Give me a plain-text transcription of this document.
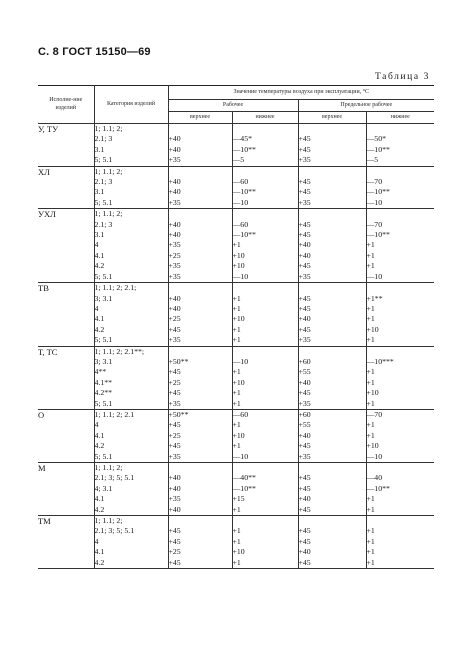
С. 8 ГОСТ 15150—69
Таблица 3
Исполне-ние изделий	Категория изделий	Значение температуры воздуха при эксплуатации, °С			
		Рабочее		Предельное рабочее	
		верхнее	нижнее	верхнее	нижнее
У, ТУ	1; 1.1; 2;				
	2.1; 3	+40	—45*	+45	—50*
	3.1	+40	—10**	+45	—10**
	5; 5.1	+35	—5	+35	—5
ХЛ	1; 1.1; 2;				
	2.1; 3	+40	—60	+45	—70
	3.1	+40	—10**	+45	—10**
	5; 5.1	+35	—10	+35	—10
УХЛ	1; 1.1; 2;				
	2.1; 3	+40	—60	+45	—70
	3.1	+40	—10**	+45	—10**
	4	+35	+1	+40	+1
	4.1	+25	+10	+40	+1
	4.2	+35	+10	+45	+1
	5; 5.1	+35	—10	+35	—10
ТВ	1; 1.1; 2; 2.1;				
	3; 3.1	+40	+1	+45	+1**
	4	+40	+1	+45	+1
	4.1	+25	+10	+40	+1
	4.2	+45	+1	+45	+10
	5; 5.1	+35	+1	+35	+1
Т, ТС	1; 1.1; 2; 2.1**;				
	3; 3.1	+50**	—10	+60	—10***
	4**	+45	+1	+55	+1
	4.1**	+25	+10	+40	+1
	4.2**	+45	+1	+45	+10
	5; 5.1	+35	+1	+35	+1
О	1; 1.1; 2; 2.1	+50**	—60	+60	—70
	4	+45	+1	+55	+1
	4.1	+25	+10	+40	+1
	4.2	+45	+1	+45	+10
	5; 5.1	+35	—10	+35	—10
М	1; 1.1; 2;				
	2.1; 3; 5; 5.1	+40	—40**	+45	—40
	4; 3.1	+40	—10**	+45	—10**
	4.1	+35	+15	+40	+1
	4.2	+40	+1	+45	+1
ТМ	1; 1.1; 2;				
	2.1; 3; 5; 5.1	+45	+1	+45	+1
	4	+45	+1	+45	+1
	4.1	+25	+10	+40	+1
	4.2	+45	+1	+45	+1
